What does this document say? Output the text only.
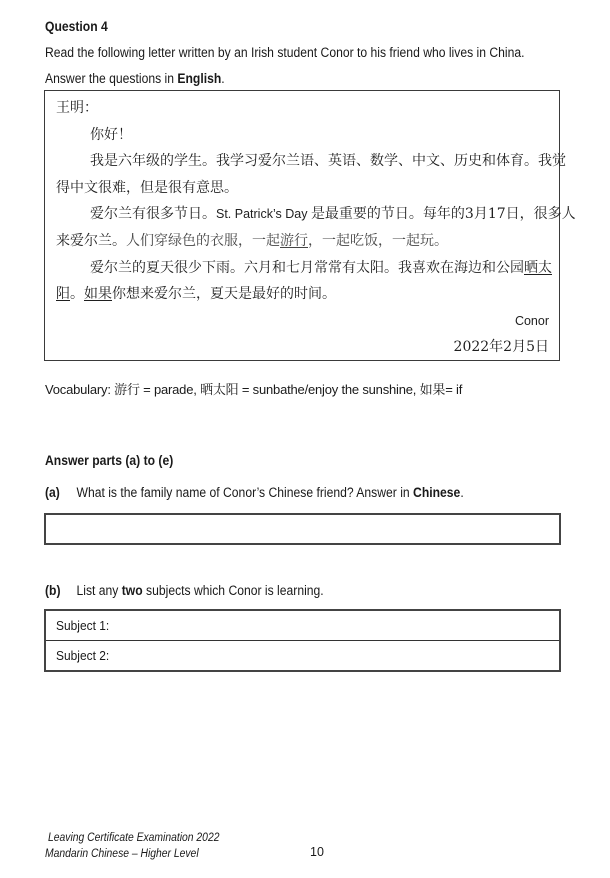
Question 4
Read the following letter written by an Irish student Conor to his friend who lives in China.
Answer the questions in English.
王明：
你好！
我是六年级的学生。我学习爱尔兰语、英语、数学、中文、历史和体育。我觉
得中文很难，但是很有意思。
爱尔兰有很多节日。St. Patrick’s Day 是最重要的节日。每年的3月17日，很多人
来爱尔兰。人们穿绿色的衣服，一起游行，一起吃饭，一起玩。
爱尔兰的夏天很少下雨。六月和七月常常有太阳。我喜欢在海边和公园晒太
阳。如果你想来爱尔兰，夏天是最好的时间。
Conor
2022年2月5日
Vocabulary: 游行 = parade, 晒太阳 = sunbathe/enjoy the sunshine, 如果= if
Answer parts (a) to (e)
(a) What is the family name of Conor’s Chinese friend? Answer in Chinese.
(b) List any two subjects which Conor is learning.
Subject 1:
Subject 2:
Leaving Certificate Examination 2022
Mandarin Chinese – Higher Level	10
